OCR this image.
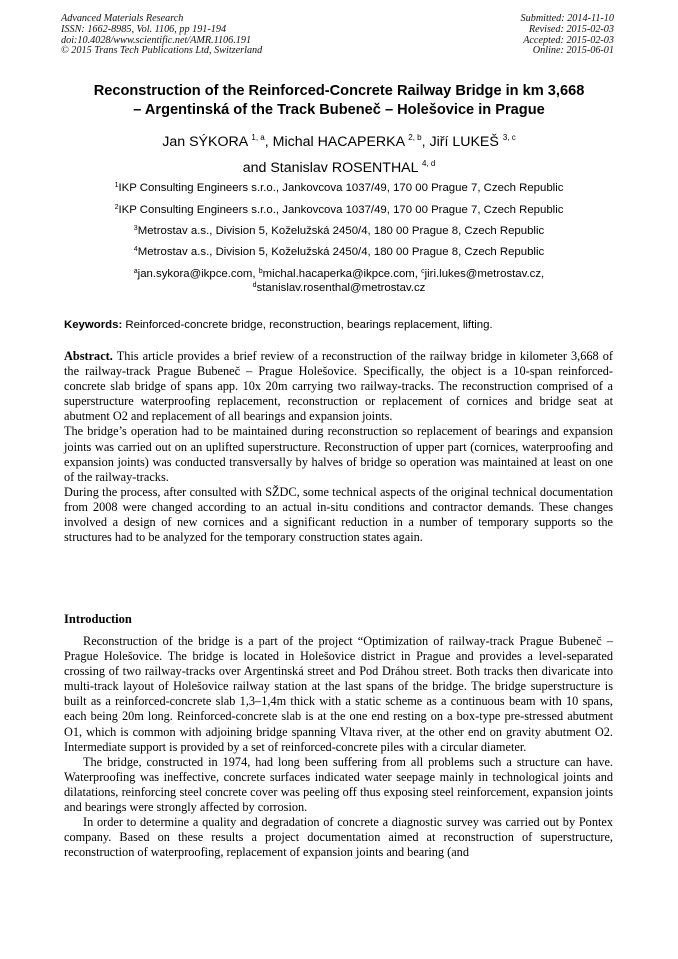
Advanced Materials Research
ISSN: 1662-8985, Vol. 1106, pp 191-194
doi:10.4028/www.scientific.net/AMR.1106.191
© 2015 Trans Tech Publications Ltd, Switzerland
Submitted: 2014-11-10
Revised: 2015-02-03
Accepted: 2015-02-03
Online: 2015-06-01
Reconstruction of the Reinforced-Concrete Railway Bridge in km 3,668
– Argentinská of the Track Bubeneč – Holešovice in Prague
Jan SÝKORA $^{1, a}$, Michal HACAPERKA $^{2, b}$, Jiří LUKEŠ $^{3, c}$
and Stanislav ROSENTHAL $^{4, d}$
$^1$IKP Consulting Engineers s.r.o., Jankovcova 1037/49, 170 00 Prague 7, Czech Republic
$^2$IKP Consulting Engineers s.r.o., Jankovcova 1037/49, 170 00 Prague 7, Czech Republic
$^3$Metrostav a.s., Division 5, Koželužská 2450/4, 180 00 Prague 8, Czech Republic
$^4$Metrostav a.s., Division 5, Koželužská 2450/4, 180 00 Prague 8, Czech Republic
$^a$jan.sykora@ikpce.com, $^b$michal.hacaperka@ikpce.com, $^c$jiri.lukes@metrostav.cz,
$^d$stanislav.rosenthal@metrostav.cz
Keywords: Reinforced-concrete bridge, reconstruction, bearings replacement, lifting.

Abstract. This article provides a brief review of a reconstruction of the railway bridge in kilometer 3,668 of the railway-track Prague Bubeneč – Prague Holešovice. Specifically, the object is a 10-span reinforced-concrete slab bridge of spans app. 10x 20m carrying two railway-tracks. The reconstruction comprised of a superstructure waterproofing replacement, reconstruction or replacement of cornices and bridge seat at abutment O2 and replacement of all bearings and expansion joints.

The bridge’s operation had to be maintained during reconstruction so replacement of bearings and expansion joints was carried out on an uplifted superstructure. Reconstruction of upper part (cornices, waterproofing and expansion joints) was conducted transversally by halves of bridge so operation was maintained at least on one of the railway-tracks.

During the process, after consulted with SŽDC, some technical aspects of the original technical documentation from 2008 were changed according to an actual in-situ conditions and contractor demands. These changes involved a design of new cornices and a significant reduction in a number of temporary supports so the structures had to be analyzed for the temporary construction states again.

Introduction

Reconstruction of the bridge is a part of the project “Optimization of railway-track Prague Bubeneč – Prague Holešovice. The bridge is located in Holešovice district in Prague and provides a level-separated crossing of two railway-tracks over Argentinská street and Pod Dráhou street. Both tracks then divaricate into multi-track layout of Holešovice railway station at the last spans of the bridge. The bridge superstructure is built as a reinforced-concrete slab 1,3–1,4m thick with a static scheme as a continuous beam with 10 spans, each being 20m long. Reinforced-concrete slab is at the one end resting on a box-type pre-stressed abutment O1, which is common with adjoining bridge spanning Vltava river, at the other end on gravity abutment O2. Intermediate support is provided by a set of reinforced-concrete piles with a circular diameter.

The bridge, constructed in 1974, had long been suffering from all problems such a structure can have. Waterproofing was ineffective, concrete surfaces indicated water seepage mainly in technological joints and dilatations, reinforcing steel concrete cover was peeling off thus exposing steel reinforcement, expansion joints and bearings were strongly affected by corrosion.

In order to determine a quality and degradation of concrete a diagnostic survey was carried out by Pontex company. Based on these results a project documentation aimed at reconstruction of superstructure, reconstruction of waterproofing, replacement of expansion joints and bearing (and
